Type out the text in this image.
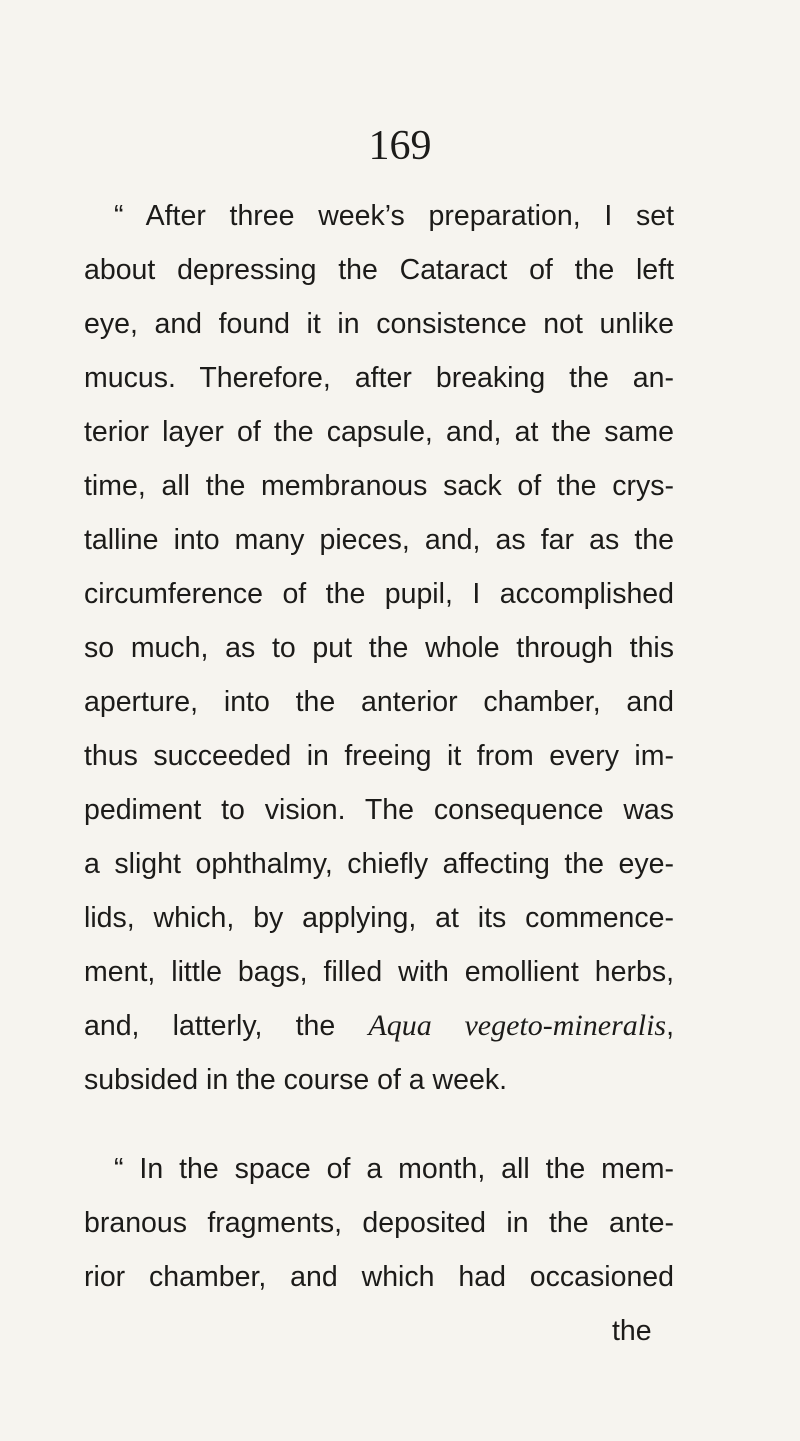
169
“ After three week’s preparation, I set
about depressing the Cataract of the left
eye, and found it in consistence not unlike
mucus. Therefore, after breaking the an-
terior layer of the capsule, and, at the same
time, all the membranous sack of the crys-
talline into many pieces, and, as far as the
circumference of the pupil, I accomplished
so much, as to put the whole through this
aperture, into the anterior chamber, and
thus succeeded in freeing it from every im-
pediment to vision. The consequence was
a slight ophthalmy, chiefly affecting the eye-
lids, which, by applying, at its commence-
ment, little bags, filled with emollient herbs,
and, latterly, the Aqua vegeto-mineralis,
subsided in the course of a week.
“ In the space of a month, all the mem-
branous fragments, deposited in the ante-
rior chamber, and which had occasioned
the
